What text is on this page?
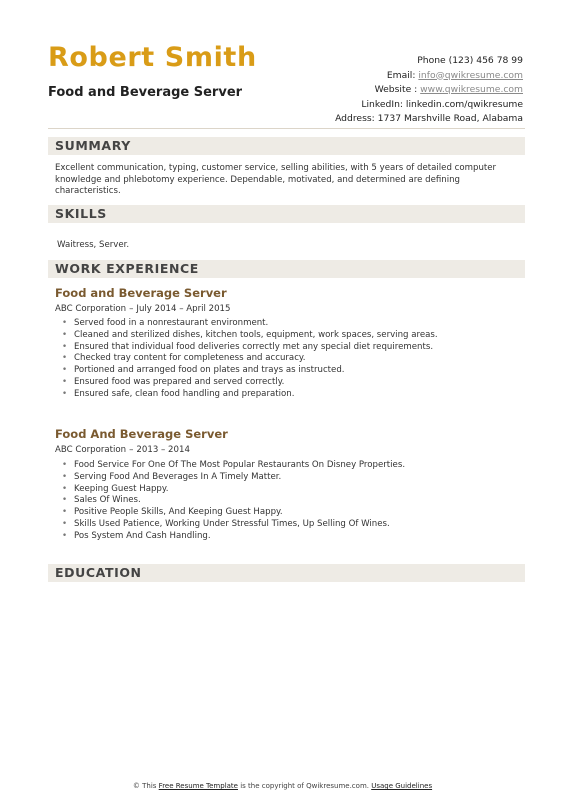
Robert Smith
Food and Beverage Server
Phone (123) 456 78 99
Email: info@qwikresume.com
Website : www.qwikresume.com
LinkedIn: linkedin.com/qwikresume
Address: 1737 Marshville Road, Alabama
SUMMARY
Excellent communication, typing, customer service, selling abilities, with 5 years of detailed computer knowledge and phlebotomy experience. Dependable, motivated, and determined are defining characteristics.
SKILLS
Waitress, Server.
WORK EXPERIENCE
Food and Beverage Server
ABC Corporation – July 2014 – April 2015
• Served food in a nonrestaurant environment.
• Cleaned and sterilized dishes, kitchen tools, equipment, work spaces, serving areas.
• Ensured that individual food deliveries correctly met any special diet requirements.
• Checked tray content for completeness and accuracy.
• Portioned and arranged food on plates and trays as instructed.
• Ensured food was prepared and served correctly.
• Ensured safe, clean food handling and preparation.
Food And Beverage Server
ABC Corporation – 2013 – 2014
• Food Service For One Of The Most Popular Restaurants On Disney Properties.
• Serving Food And Beverages In A Timely Matter.
• Keeping Guest Happy.
• Sales Of Wines.
• Positive People Skills, And Keeping Guest Happy.
• Skills Used Patience, Working Under Stressful Times, Up Selling Of Wines.
• Pos System And Cash Handling.
EDUCATION
© This Free Resume Template is the copyright of Qwikresume.com. Usage Guidelines
